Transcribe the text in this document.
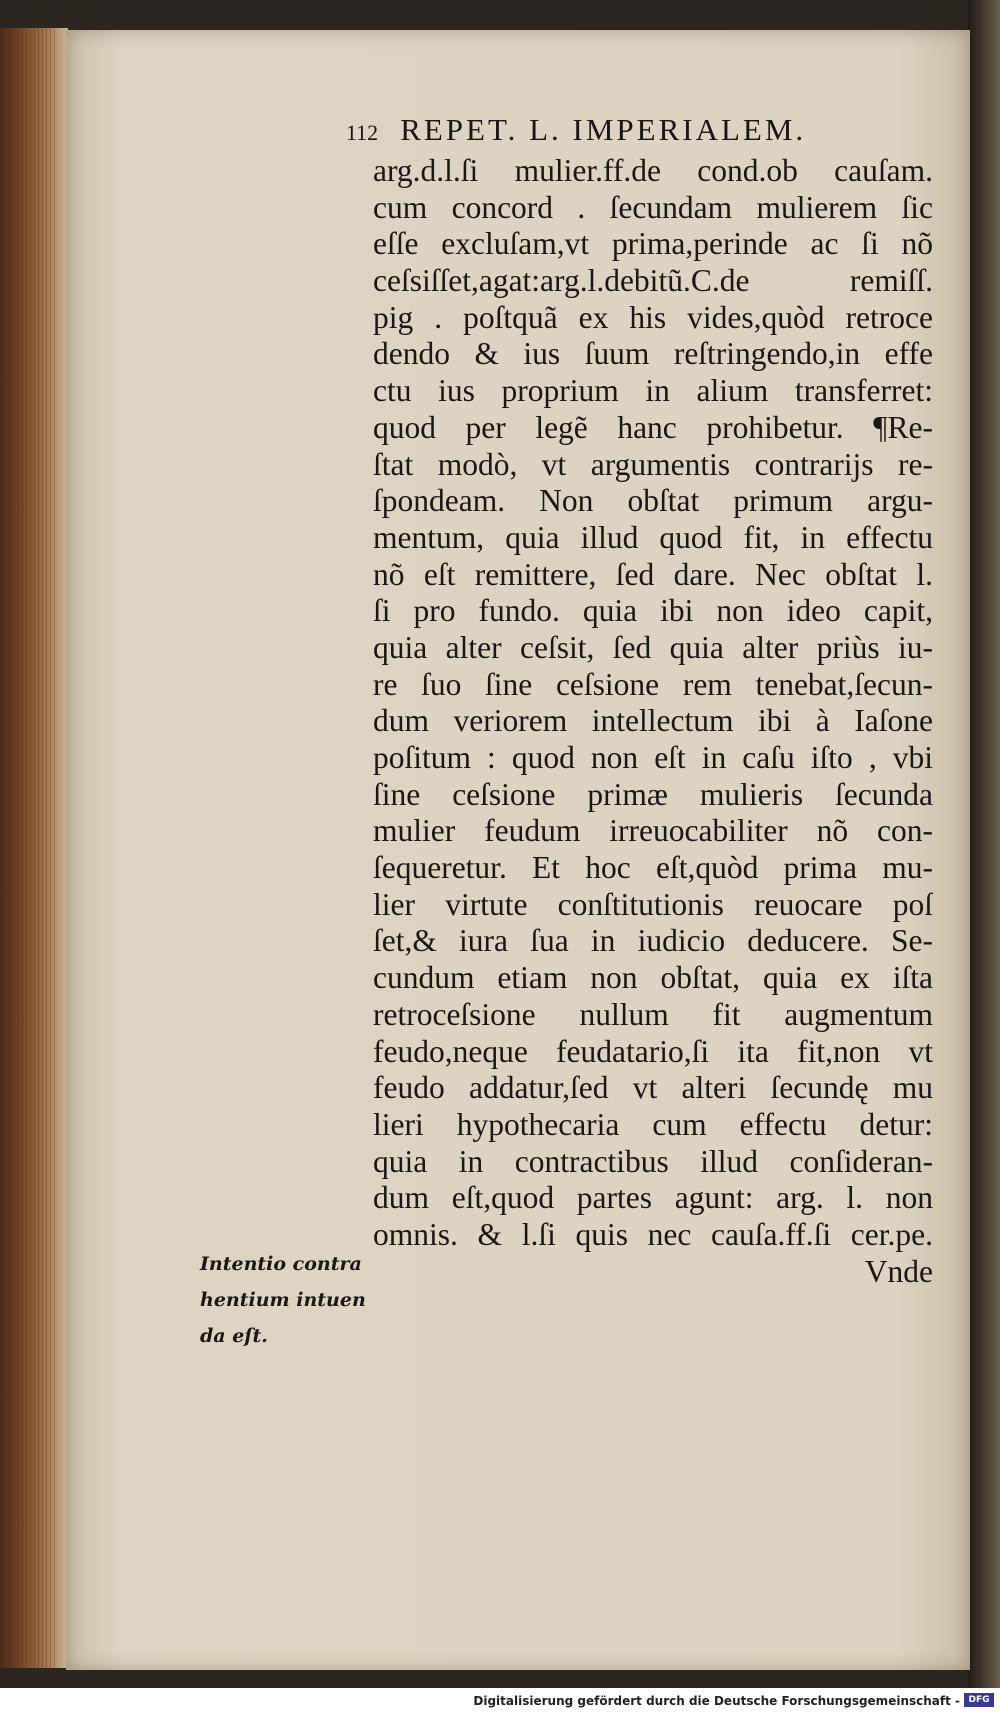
112 REPET. L. IMPERIALEM.
arg.d.l.ſi mulier.ff.de cond.ob cauſam.
cum concord . ſecundam mulierem ſic
eſſe excluſam,vt prima,perinde ac ſi nõ
ceſsiſſet,agat:arg.l.debitũ.C.de remiſſ.
pig . poſtquã ex his vides,quòd retroce
dendo & ius ſuum reſtringendo,in effe
ctu ius proprium in alium transferret:
quod per legẽ hanc prohibetur. ¶Re-
ſtat modò, vt argumentis contrarijs re-
ſpondeam. Non obſtat primum argu-
mentum, quia illud quod fit, in effectu
nõ eſt remittere, ſed dare. Nec obſtat l.
ſi pro fundo. quia ibi non ideo capit,
quia alter ceſsit, ſed quia alter priùs iu-
re ſuo ſine ceſsione rem tenebat,ſecun-
dum veriorem intellectum ibi à Iaſone
poſitum : quod non eſt in caſu iſto , vbi
ſine ceſsione primæ mulieris ſecunda
mulier feudum irreuocabiliter nõ con-
ſequeretur. Et hoc eſt,quòd prima mu-
lier virtute conſtitutionis reuocare poſ
ſet,& iura ſua in iudicio deducere. Se-
cundum etiam non obſtat, quia ex iſta
retroceſsione nullum fit augmentum
feudo,neque feudatario,ſi ita fit,non vt
feudo addatur,ſed vt alteri ſecundę mu
lieri hypothecaria cum effectu detur:
quia in contractibus illud conſideran-
dum eſt,quod partes agunt: arg. l. non
omnis. & l.ſi quis nec cauſa.ff.ſi cer.pe.
Vnde
Intentio contra
hentium intuen
da eſt.
Digitalisierung gefördert durch die Deutsche Forschungsgemeinschaft - DFG
